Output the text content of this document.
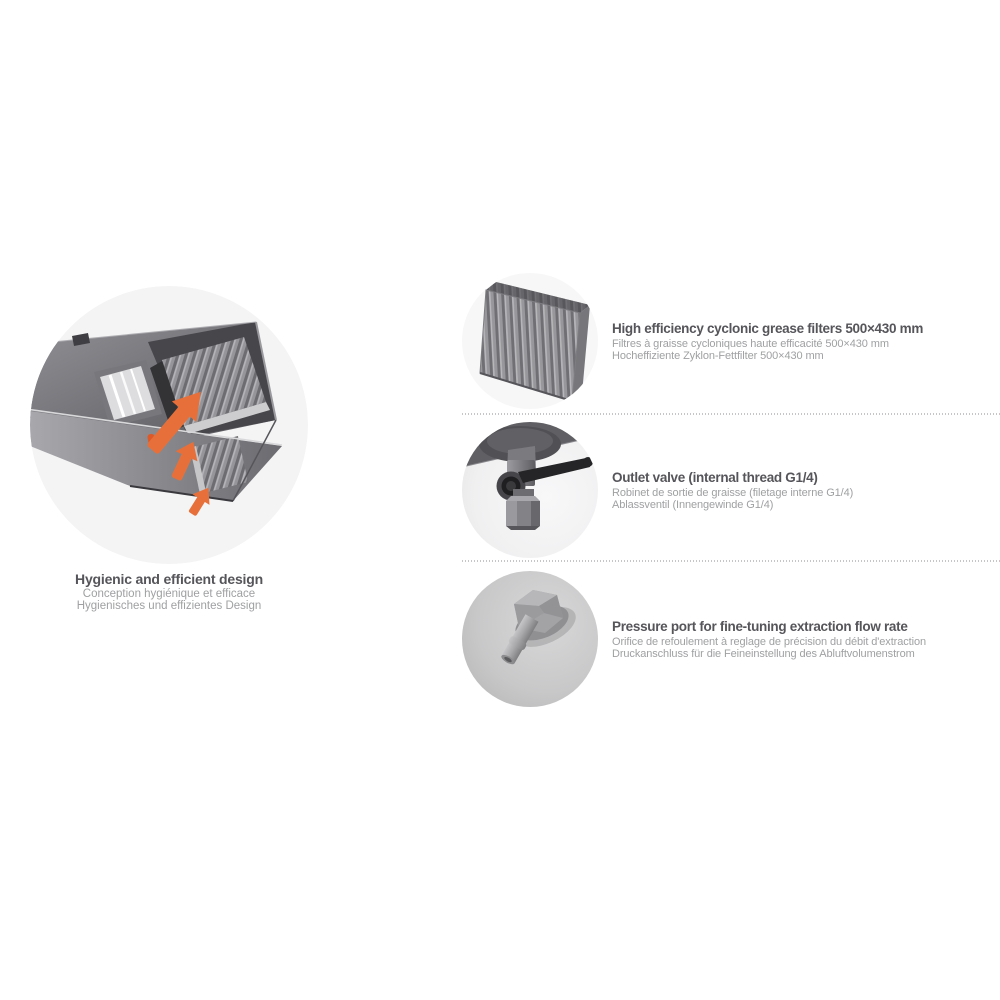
Hygienic and efficient design
Conception hygiénique et efficace
Hygienisches und effizientes Design
High efficiency cyclonic grease filters 500×430 mm
Filtres à graisse cycloniques haute efficacité 500×430 mm
Hocheffiziente Zyklon-Fettfilter 500×430 mm
Outlet valve (internal thread G1/4)
Robinet de sortie de graisse (filetage interne G1/4)
Ablassventil (Innengewinde G1/4)
Pressure port for fine-tuning extraction flow rate
Orifice de refoulement à reglage de précision du débit d'extraction
Druckanschluss für die Feineinstellung des Abluftvolumenstrom
